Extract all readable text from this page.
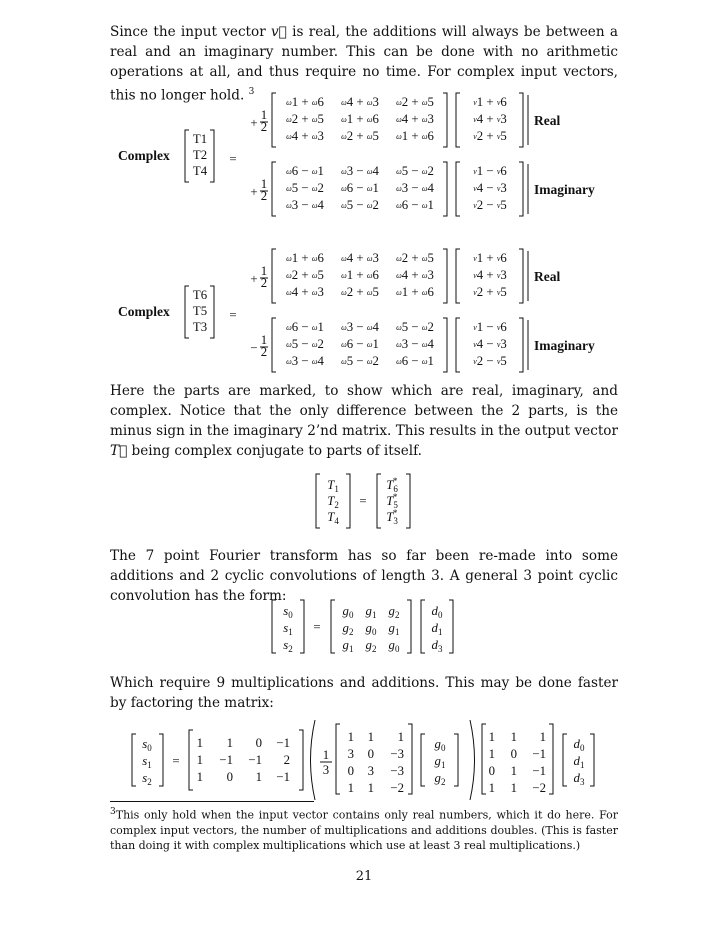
Since the input vector v⃗ is real, the additions will always be between a real and an imaginary number. This can be done with no arithmetic operations at all, and thus require no time. For complex input vectors, this no longer hold. $^3$

Complex
T1
T2
T4
=
+
1
2
ω1 + ω6 ω4 + ω3 ω2 + ω5
ω2 + ω5 ω1 + ω6 ω4 + ω3
ω4 + ω3 ω2 + ω5 ω1 + ω6
v1 + v6
v4 + v3
v2 + v5
Real
+
1
2
ω6 − ω1 ω3 − ω4 ω5 − ω2
ω5 − ω2 ω6 − ω1 ω3 − ω4
ω3 − ω4 ω5 − ω2 ω6 − ω1
v1 − v6
v4 − v3
v2 − v5
Imaginary
Complex
T6
T5
T3
=
+
1
2
ω1 + ω6 ω4 + ω3 ω2 + ω5
ω2 + ω5 ω1 + ω6 ω4 + ω3
ω4 + ω3 ω2 + ω5 ω1 + ω6
v1 + v6
v4 + v3
v2 + v5
Real
−
1
2
ω6 − ω1 ω3 − ω4 ω5 − ω2
ω5 − ω2 ω6 − ω1 ω3 − ω4
ω3 − ω4 ω5 − ω2 ω6 − ω1
v1 − v6
v4 − v3
v2 − v5
Imaginary
$T_1$
$T_2$
$T_4$
=
$T_6*$
$T_5*$
$T_3*$
$s_0$
$s_1$
$s_2$
=
$g_0$ $g_1$ $g_2$
$g_2$ $g_0$ $g_1$
$g_1$ $g_2$ $g_0$
$d_0$
$d_1$
$d_3$
$s_0$
$s_1$
$s_2$
=
1 1 0 −1
1 −1 −1 2
1 0 1 −1
1
3
1 1 1
3 0 −3
0 3 −3
1 1 −2
$g_0$
$g_1$
$g_2$
1 1 1
1 0 −1
0 1 −1
1 1 −2
$d_0$
$d_1$
$d_3$

Here the parts are marked, to show which are real, imaginary, and complex. Notice that the only difference between the 2 parts, is the minus sign in the imaginary 2’nd matrix. This results in the output vector T⃗ being complex conjugate to parts of itself.

The 7 point Fourier transform has so far been re-made into some additions and 2 cyclic convolutions of length 3. A general 3 point cyclic convolution has the form:

Which require 9 multiplications and additions. This may be done faster by factoring the matrix:

$^3$This only hold when the input vector contains only real numbers, which it do here. For complex input vectors, the number of multiplications and additions doubles. (This is faster than doing it with complex multiplications which use at least 3 real multiplications.)

21
